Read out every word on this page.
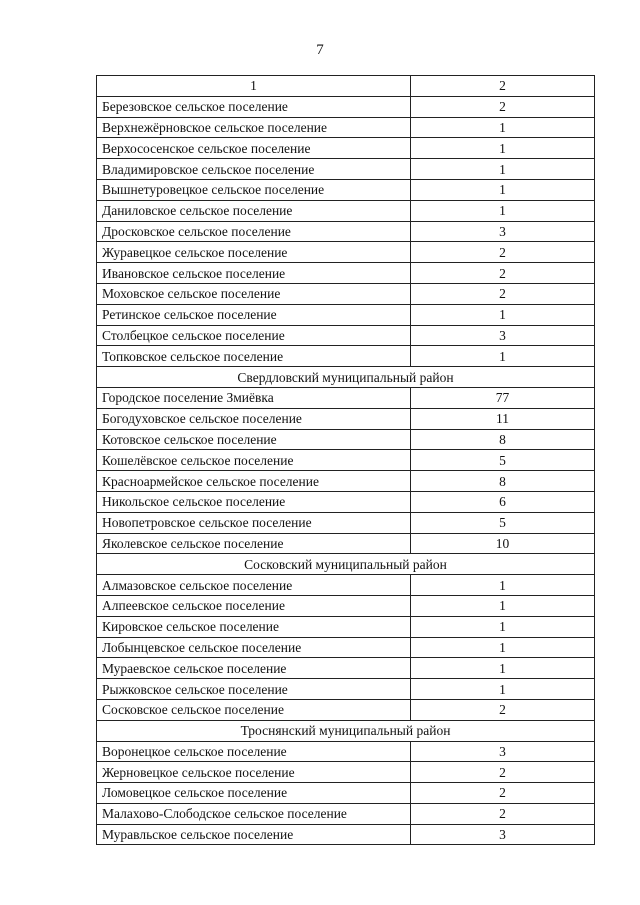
7
1	2
Березовское сельское поселение	2
Верхнежёрновское сельское поселение	1
Верхососенское сельское поселение	1
Владимировское сельское поселение	1
Вышнетуровецкое сельское поселение	1
Даниловское сельское поселение	1
Дросковское сельское поселение	3
Журавецкое сельское поселение	2
Ивановское сельское поселение	2
Моховское сельское поселение	2
Ретинское сельское поселение	1
Столбецкое сельское поселение	3
Топковское сельское поселение	1
Свердловский муниципальный район	
Городское поселение Змиёвка	77
Богодуховское сельское поселение	11
Котовское сельское поселение	8
Кошелёвское сельское поселение	5
Красноармейское сельское поселение	8
Никольское сельское поселение	6
Новопетровское сельское поселение	5
Яколевское сельское поселение	10
Сосковский муниципальный район	
Алмазовское сельское поселение	1
Алпеевское сельское поселение	1
Кировское сельское поселение	1
Лобынцевское сельское поселение	1
Мураевское сельское поселение	1
Рыжковское сельское поселение	1
Сосковское сельское поселение	2
Троснянский муниципальный район	
Воронецкое сельское поселение	3
Жерновецкое сельское поселение	2
Ломовецкое сельское поселение	2
Малахово-Слободское сельское поселение	2
Муравльское сельское поселение	3
